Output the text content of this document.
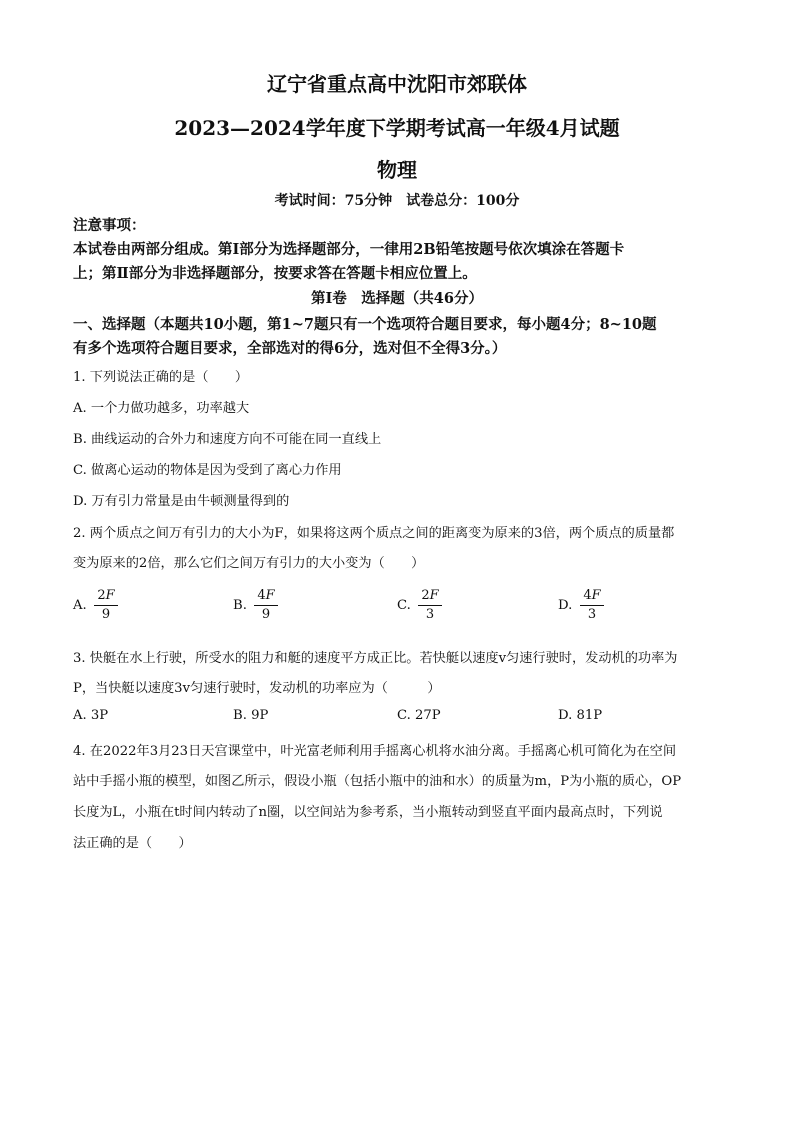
辽宁省重点高中沈阳市郊联体
2023—2024学年度下学期考试高一年级4月试题
物理
考试时间：75分钟　试卷总分：100分
注意事项：
本试卷由两部分组成。第Ⅰ部分为选择题部分，一律用2B铅笔按题号依次填涂在答题卡
上；第Ⅱ部分为非选择题部分，按要求答在答题卡相应位置上。
第Ⅰ卷　选择题（共46分）
一、选择题（本题共10小题，第1~7题只有一个选项符合题目要求，每小题4分；8~10题
有多个选项符合题目要求，全部选对的得6分，选对但不全得3分。）
1. 下列说法正确的是（　　）
A. 一个力做功越多，功率越大
B. 曲线运动的合外力和速度方向不可能在同一直线上
C. 做离心运动的物体是因为受到了离心力作用
D. 万有引力常量是由牛顿测量得到的
2. 两个质点之间万有引力的大小为F，如果将这两个质点之间的距离变为原来的3倍，两个质点的质量都
变为原来的2倍，那么它们之间万有引力的大小变为（　　）
A.
2F
9
B.
4F
9
C.
2F
3
D.
4F
3
3. 快艇在水上行驶，所受水的阻力和艇的速度平方成正比。若快艇以速度v匀速行驶时，发动机的功率为
P，当快艇以速度3v匀速行驶时，发动机的功率应为（　　　）
A. 3P	B. 9P	C. 27P	D. 81P
4. 在2022年3月23日天宫课堂中，叶光富老师利用手摇离心机将水油分离。手摇离心机可简化为在空间
站中手摇小瓶的模型，如图乙所示，假设小瓶（包括小瓶中的油和水）的质量为m，P为小瓶的质心，OP
长度为L，小瓶在t时间内转动了n圈，以空间站为参考系，当小瓶转动到竖直平面内最高点时，下列说
法正确的是（　　）
